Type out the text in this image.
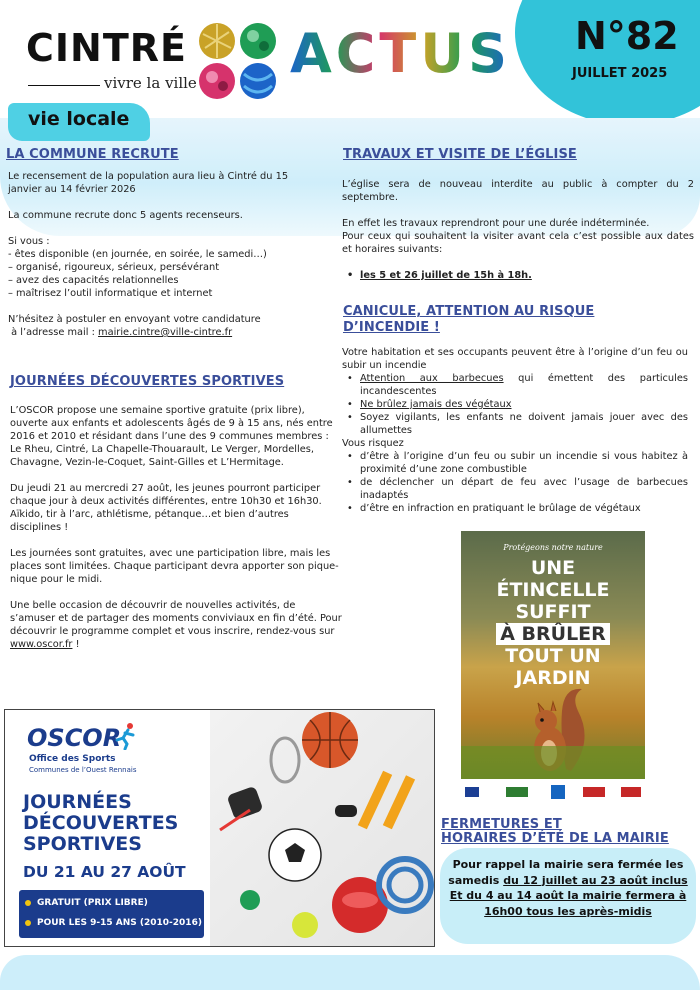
CINTRÉ
vivre la ville ACTUS N°82
JUILLET 2025
vie locale
LA COMMUNE RECRUTE

Le recensement de la population aura lieu à Cintré du 15 janvier au 14 février 2026

La commune recrute donc 5 agents recenseurs.

Si vous :

- êtes disponible (en journée, en soirée, le samedi…)

– organisé, rigoureux, sérieux, persévérant

– avez des capacités relationnelles

– maîtrisez l’outil informatique et internet

N’hésitez à postuler en envoyant votre candidature

à l’adresse mail : mairie.cintre@ville-cintre.fr

JOURNÉES DÉCOUVERTES SPORTIVES

L’OSCOR propose une semaine sportive gratuite (prix libre), ouverte aux enfants et adolescents âgés de 9 à 15 ans, nés entre 2016 et 2010 et résidant dans l’une des 9 communes membres : Le Rheu, Cintré, La Chapelle-Thouarault, Le Verger, Mordelles, Chavagne, Vezin-le-Coquet, Saint-Gilles et L’Hermitage.

Du jeudi 21 au mercredi 27 août, les jeunes pourront participer chaque jour à deux activités différentes, entre 10h30 et 16h30. Aïkido, tir à l’arc, athlétisme, pétanque…et bien d’autres disciplines !

Les journées sont gratuites, avec une participation libre, mais les places sont limitées. Chaque participant devra apporter son pique-nique pour le midi.

Une belle occasion de découvrir de nouvelles activités, de s’amuser et de partager des moments conviviaux en fin d’été. Pour découvrir le programme complet et vous inscrire, rendez-vous sur www.oscor.fr !

OSCOR
Office des Sports
Communes de l’Ouest Rennais
JOURNÉES
DÉCOUVERTES
SPORTIVES
DU 21 AU 27 AOÛT
GRATUIT (PRIX LIBRE)
POUR LES 9-15 ANS (2010-2016)
TRAVAUX ET VISITE DE L’ÉGLISE

L’église sera de nouveau interdite au public à compter du 2 septembre.

En effet les travaux reprendront pour une durée indéterminée.

Pour ceux qui souhaitent la visiter avant cela c’est possible aux dates et horaires suivants:

• les 5 et 26 juillet de 15h à 18h.
CANICULE, ATTENTION AU RISQUE
D’INCENDIE !

Votre habitation et ses occupants peuvent être à l’origine d’un feu ou subir un incendie

• Attention aux barbecues qui émettent des particules incandescentes
• Ne brûlez jamais des végétaux
• Soyez vigilants, les enfants ne doivent jamais jouer avec des allumettes

Vous risquez

• d’être à l’origine d’un feu ou subir un incendie si vous habitez à proximité d’une zone combustible
• de déclencher un départ de feu avec l’usage de barbecues inadaptés
• d’être en infraction en pratiquant le brûlage de végétaux
Protégeons notre nature
UNE
ÉTINCELLE
SUFFIT
À BRÛLER
TOUT UN
JARDIN
FERMETURES ET
HORAIRES D’ÉTÉ DE LA MAIRIE

Pour rappel la mairie sera fermée les samedis du 12 juillet au 23 août inclus

Et du 4 au 14 août la mairie fermera à 16h00 tous les après-midis
